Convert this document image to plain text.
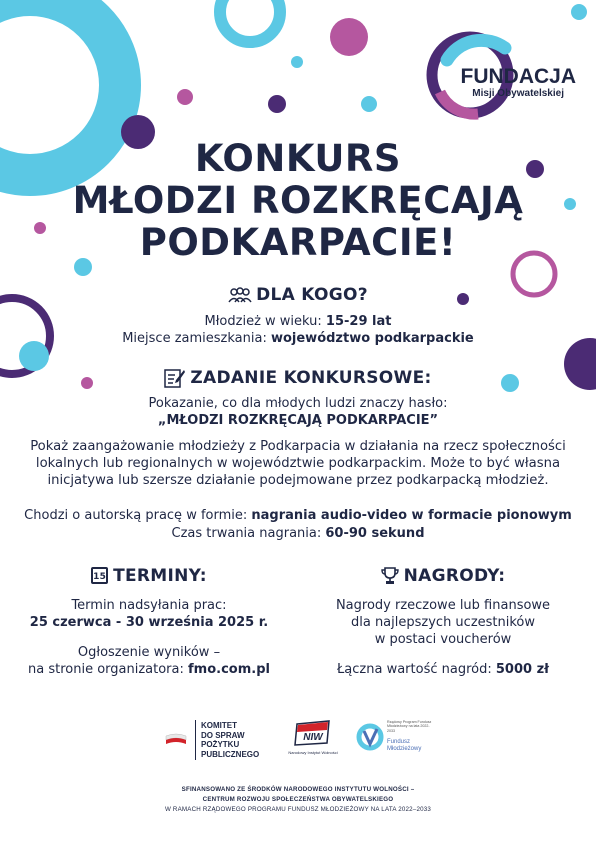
FUNDACJA
Misji Obywatelskiej
KONKURS
MŁODZI ROZKRĘCAJĄ
PODKARPACIE!
DLA KOGO?
Młodzież w wieku: 15-29 lat
Miejsce zamieszkania: województwo podkarpackie
ZADANIE KONKURSOWE:
Pokazanie, co dla młodych ludzi znaczy hasło:
„MŁODZI ROZKRĘCAJĄ PODKARPACIE”
Pokaż zaangażowanie młodzieży z Podkarpacia w działania na rzecz społeczności
lokalnych lub regionalnych w województwie podkarpackim. Może to być własna
inicjatywa lub szersze działanie podejmowane przez podkarpacką młodzież.
Chodzi o autorską pracę w formie: nagrania audio-video w formacie pionowym
Czas trwania nagrania: 60-90 sekund
15 TERMINY:
Termin nadsyłania prac:
25 czerwca - 30 września 2025 r.
Ogłoszenie wyników –
na stronie organizatora: fmo.com.pl
NAGRODY:
Nagrody rzeczowe lub finansowe
dla najlepszych uczestników
w postaci voucherów
Łączna wartość nagród: 5000 zł
KOMITET
DO SPRAW
POŻYTKU
PUBLICZNEGO
NIW
Narodowy Instytut Wolności
Rządowy Program Fundusz Młodzieżowy na lata 2022-2033
Fundusz
Młodzieżowy
SFINANSOWANO ZE ŚRODKÓW NARODOWEGO INSTYTUTU WOLNOŚCI –
CENTRUM ROZWOJU SPOŁECZEŃSTWA OBYWATELSKIEGO
W RAMACH RZĄDOWEGO PROGRAMU FUNDUSZ MŁODZIEŻOWY NA LATA 2022–2033
